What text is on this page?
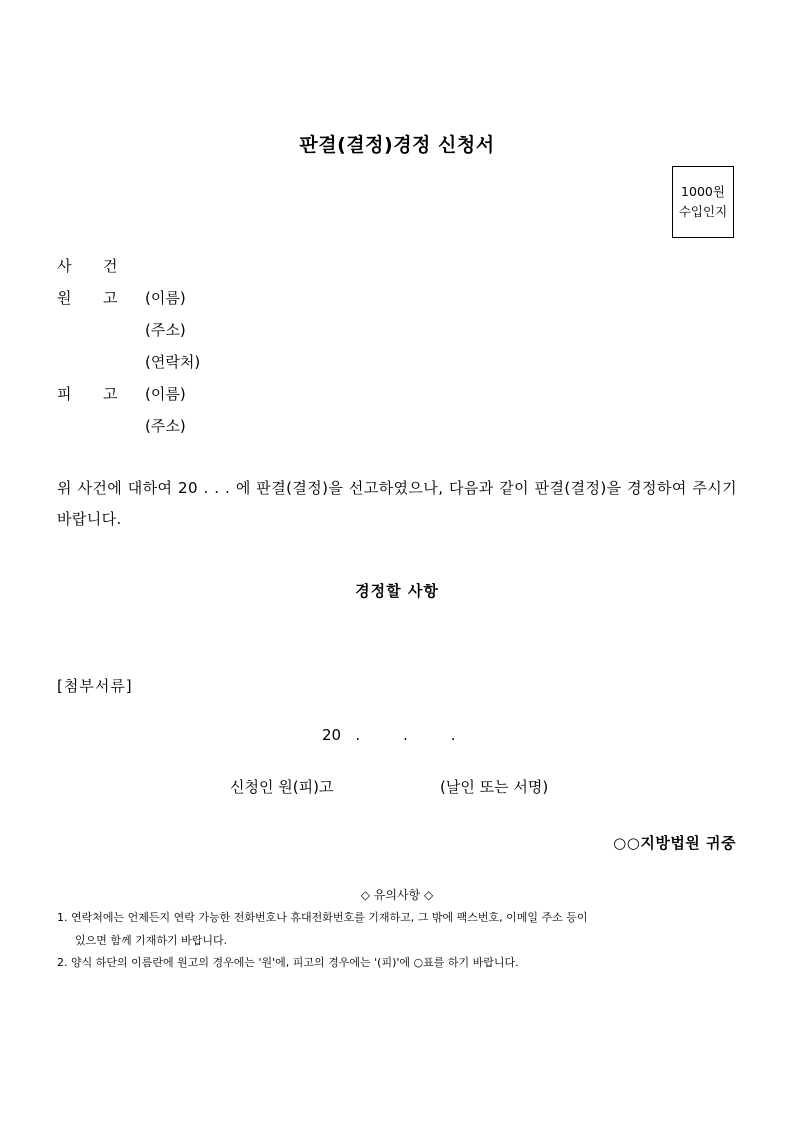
판결(결정)경정 신청서
1000원
수입인지
사 건
원 고 (이름)
(주소)
(연락처)
피 고 (이름)
(주소)
위 사건에 대하여 20 . . . 에 판결(결정)을 선고하였으나, 다음과 같이 판결(결정)을 경정하여 주시기 바랍니다.
경정할 사항
[첨부서류]
20   .         .         .
신청인 원(피)고	(날인 또는 서명)
○○지방법원 귀중
◇ 유의사항 ◇
1. 연락처에는 언제든지 연락 가능한 전화번호나 휴대전화번호를 기재하고, 그 밖에 팩스번호, 이메일 주소 등이
있으면 함께 기재하기 바랍니다.
2. 양식 하단의 이름란에 원고의 경우에는 '원'에, 피고의 경우에는 '(피)'에 ○표를 하기 바랍니다.
